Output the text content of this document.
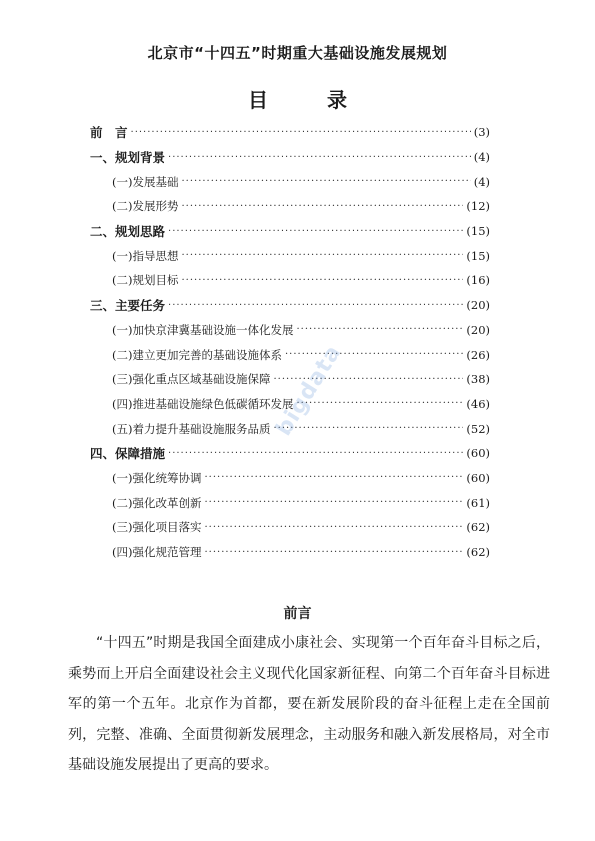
北京市“十四五”时期重大基础设施发展规划
目 录
前　言 ·····	(3)
一、规划背景 ·····	(4)
(一)发展基础 ·····	(4)
(二)发展形势 ·····	(12)
二、规划思路 ·····	(15)
(一)指导思想 ·····	(15)
(二)规划目标 ·····	(16)
三、主要任务 ·····	(20)
(一)加快京津冀基础设施一体化发展 ·····	(20)
(二)建立更加完善的基础设施体系 ·····	(26)
(三)强化重点区域基础设施保障 ·····	(38)
(四)推进基础设施绿色低碳循环发展 ·····	(46)
(五)着力提升基础设施服务品质 ·····	(52)
四、保障措施 ·····	(60)
(一)强化统筹协调 ·····	(60)
(二)强化改革创新 ·····	(61)
(三)强化项目落实 ·····	(62)
(四)强化规范管理 ·····	(62)
前言
“十四五”时期是我国全面建成小康社会、实现第一个百年奋斗目标之后，乘势而上开启全面建设社会主义现代化国家新征程、向第二个百年奋斗目标进军的第一个五年。北京作为首都，要在新发展阶段的奋斗征程上走在全国前列，完整、准确、全面贯彻新发展理念，主动服务和融入新发展格局，对全市基础设施发展提出了更高的要求。
bigdata
